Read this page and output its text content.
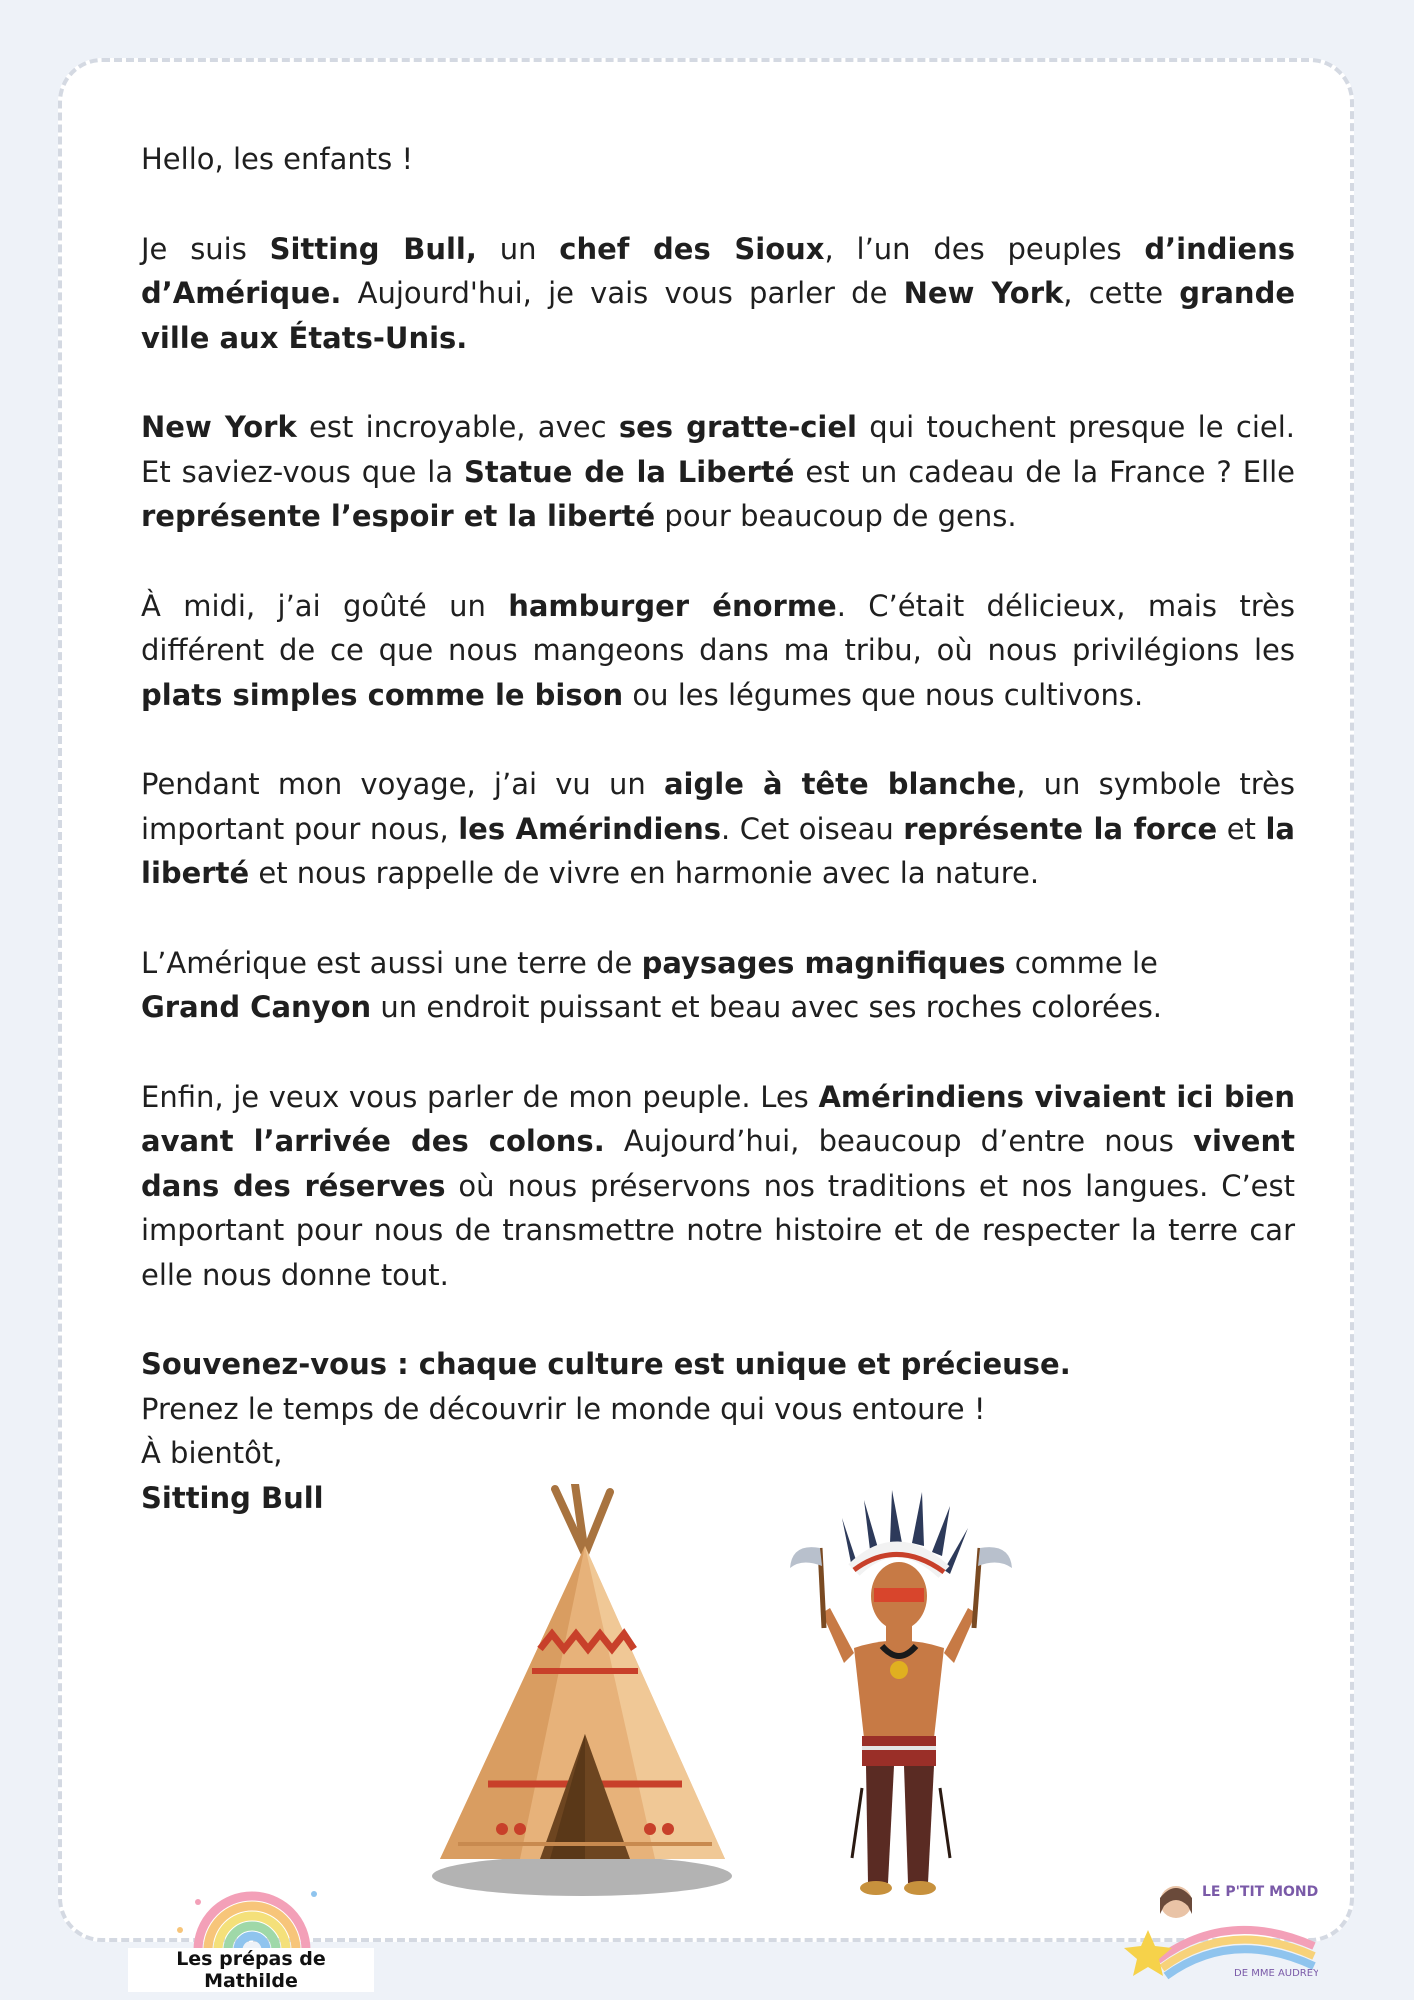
Hello, les enfants !

Je suis Sitting Bull, un chef des Sioux, l’un des peuples d’indiens d’Amérique. Aujourd'hui, je vais vous parler de New York, cette grande ville aux États-Unis.

New York est incroyable, avec ses gratte-ciel qui touchent presque le ciel. Et saviez-vous que la Statue de la Liberté est un cadeau de la France ? Elle représente l’espoir et la liberté pour beaucoup de gens.

À midi, j’ai goûté un hamburger énorme. C’était délicieux, mais très différent de ce que nous mangeons dans ma tribu, où nous privilégions les plats simples comme le bison ou les légumes que nous cultivons.

Pendant mon voyage, j’ai vu un aigle à tête blanche, un symbole très important pour nous, les Amérindiens. Cet oiseau représente la force et la liberté et nous rappelle de vivre en harmonie avec la nature.

L’Amérique est aussi une terre de paysages magnifiques comme le
Grand Canyon un endroit puissant et beau avec ses roches colorées.

Enfin, je veux vous parler de mon peuple. Les Amérindiens vivaient ici bien avant l’arrivée des colons. Aujourd’hui, beaucoup d’entre nous vivent dans des réserves où nous préservons nos traditions et nos langues. C’est important pour nous de transmettre notre histoire et de respecter la terre car elle nous donne tout.

Souvenez-vous : chaque culture est unique et précieuse.

Prenez le temps de découvrir le monde qui vous entoure !

À bientôt,

Sitting Bull

Les prépas de Mathilde
LE P'TIT MONDE
DE MME AUDREY
